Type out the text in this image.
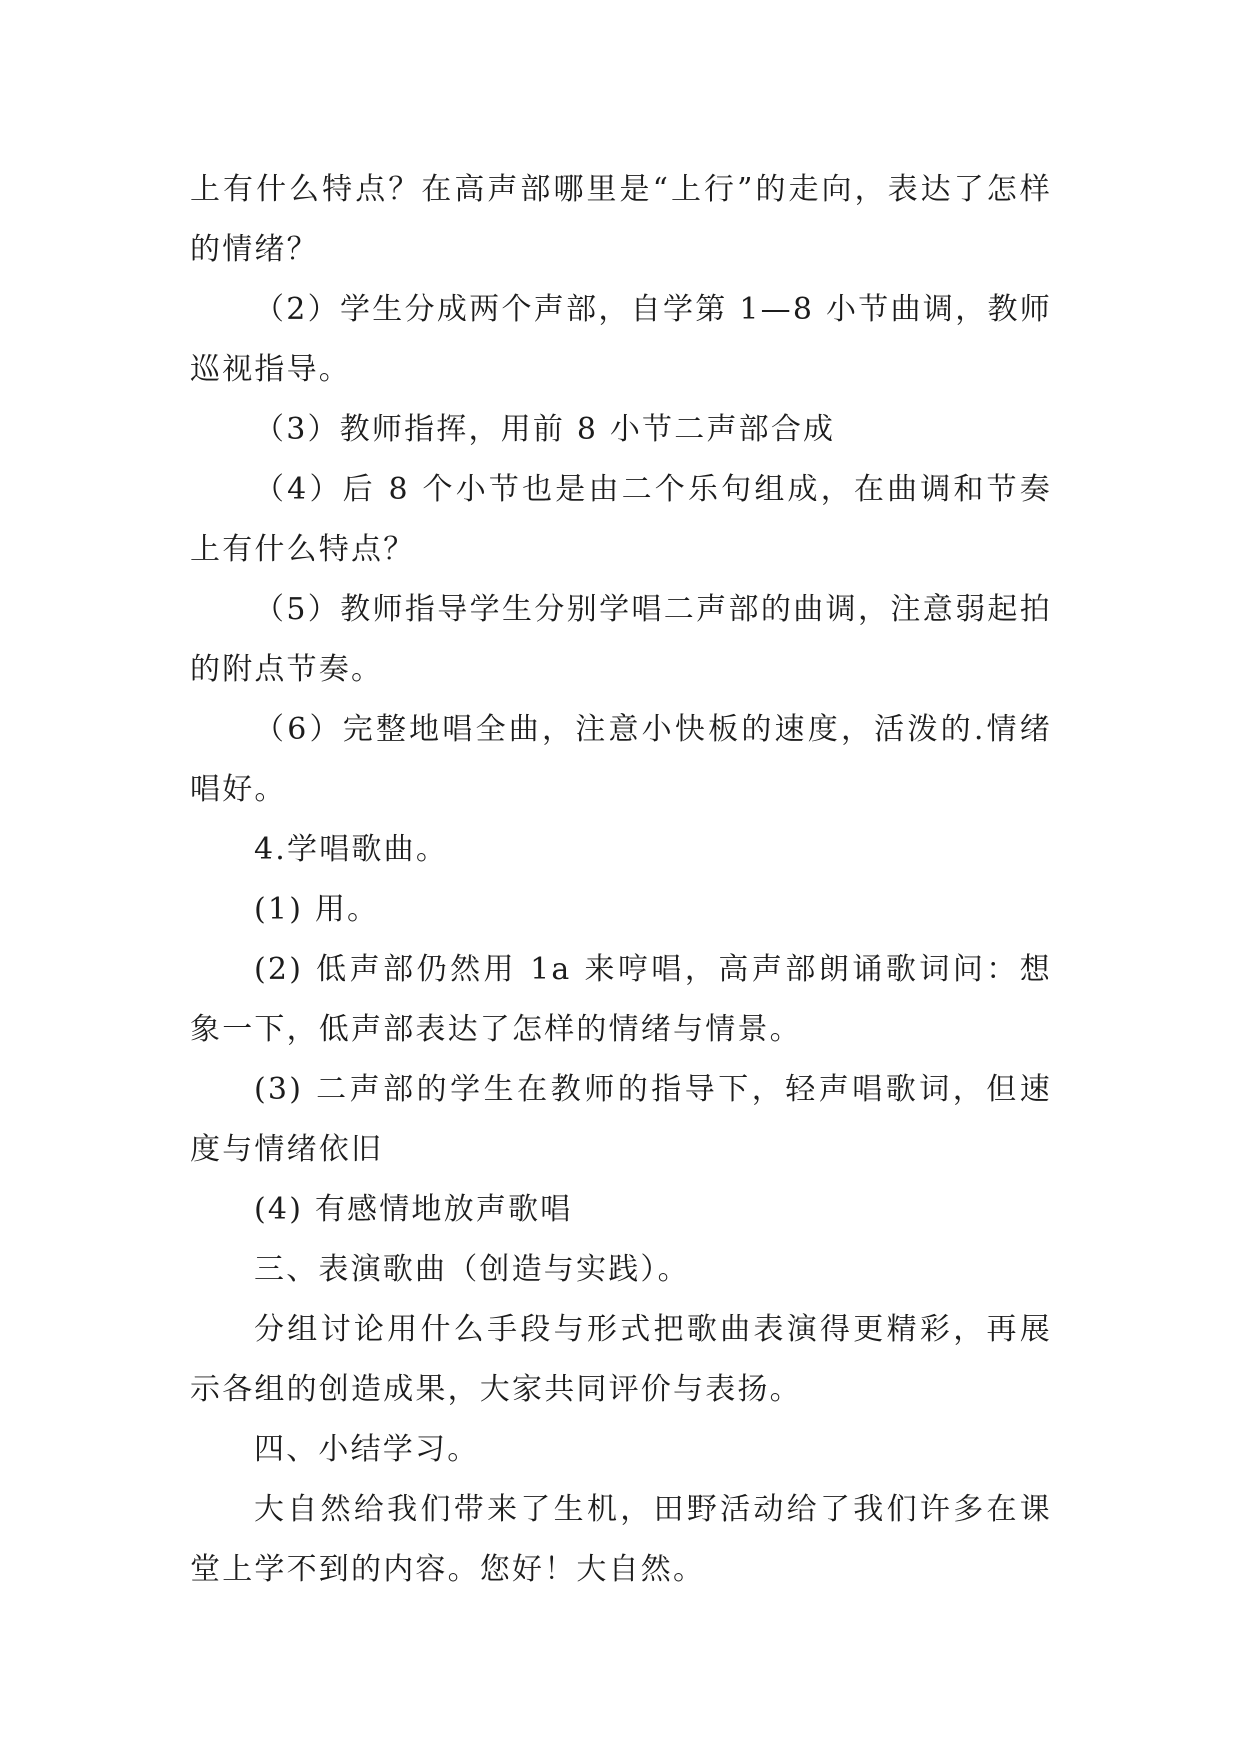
上有什么特点？在高声部哪里是“上行”的走向，表达了怎样的情绪？

（2）学生分成两个声部，自学第 1—8 小节曲调，教师巡视指导。

（3）教师指挥，用前 8 小节二声部合成

（4）后 8 个小节也是由二个乐句组成，在曲调和节奏上有什么特点？

（5）教师指导学生分别学唱二声部的曲调，注意弱起拍的附点节奏。

（6）完整地唱全曲，注意小快板的速度，活泼的.情绪唱好。

4.学唱歌曲。

(1) 用。

(2) 低声部仍然用 1a 来哼唱，高声部朗诵歌词问：想象一下，低声部表达了怎样的情绪与情景。

(3) 二声部的学生在教师的指导下，轻声唱歌词，但速度与情绪依旧

(4) 有感情地放声歌唱

三、表演歌曲（创造与实践）。

分组讨论用什么手段与形式把歌曲表演得更精彩，再展示各组的创造成果，大家共同评价与表扬。

四、小结学习。

大自然给我们带来了生机，田野活动给了我们许多在课堂上学不到的内容。您好！大自然。
